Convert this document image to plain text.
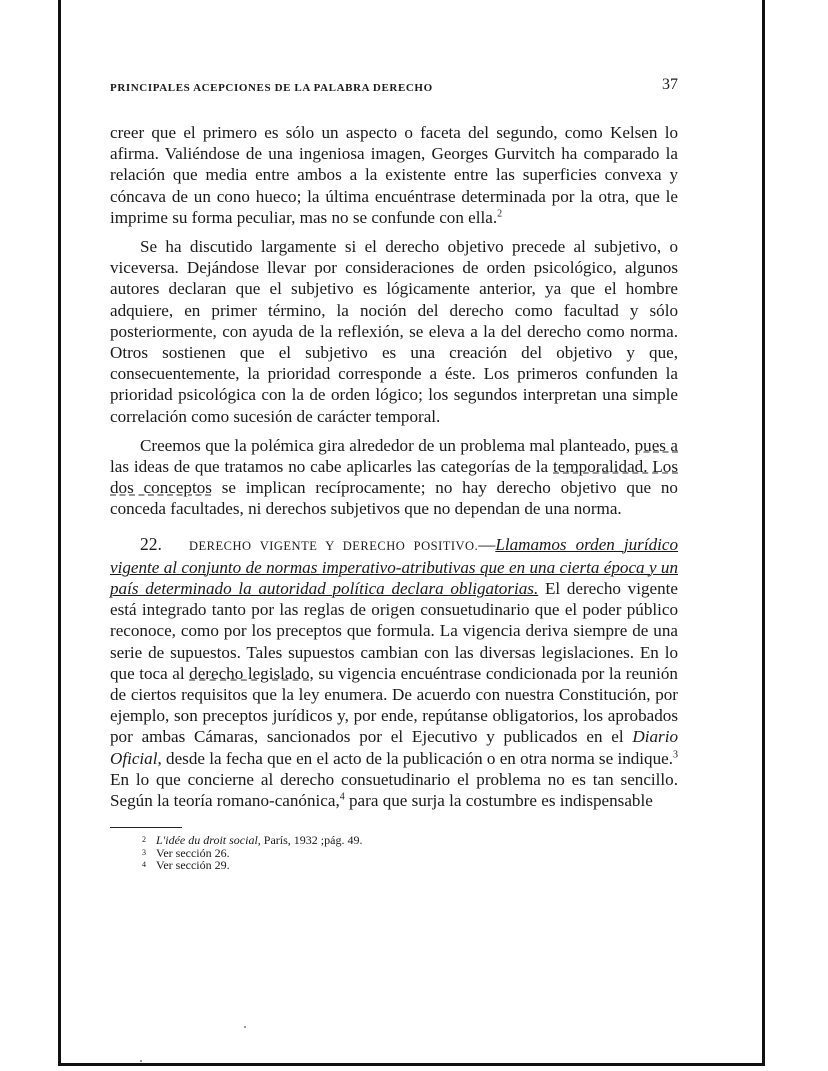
PRINCIPALES ACEPCIONES DE LA PALABRA DERECHO	37

creer que el primero es sólo un aspecto o faceta del segundo, como Kelsen lo afirma. Valiéndose de una ingeniosa imagen, Georges Gurvitch ha comparado la relación que media entre ambos a la existente entre las superficies convexa y cóncava de un cono hueco; la última encuéntrase determinada por la otra, que le imprime su forma peculiar, mas no se confunde con ella.$^2$

Se ha discutido largamente si el derecho objetivo precede al subjetivo, o viceversa. Dejándose llevar por consideraciones de orden psicológico, algunos autores declaran que el subjetivo es lógicamente anterior, ya que el hombre adquiere, en primer término, la noción del derecho como facultad y sólo posteriormente, con ayuda de la reflexión, se eleva a la del derecho como norma. Otros sostienen que el subjetivo es una creación del objetivo y que, consecuentemente, la prioridad corresponde a éste. Los primeros confunden la prioridad psicológica con la de orden lógico; los segundos interpretan una simple correlación como sucesión de carácter temporal.

Creemos que la polémica gira alrededor de un problema mal planteado, pues a las ideas de que tratamos no cabe aplicarles las categorías de la temporalidad. Los dos conceptos se implican recíprocamente; no hay derecho objetivo que no conceda facultades, ni derechos subjetivos que no dependan de una norma.

22. DERECHO VIGENTE Y DERECHO POSITIVO.—Llamamos orden jurídico vigente al conjunto de normas imperativo-atributivas que en una cierta época y un país determinado la autoridad política declara obligatorias. El derecho vigente está integrado tanto por las reglas de origen consuetudinario que el poder público reconoce, como por los preceptos que formula. La vigencia deriva siempre de una serie de supuestos. Tales supuestos cambian con las diversas legislaciones. En lo que toca al derecho legislado, su vigencia encuéntrase condicionada por la reunión de ciertos requisitos que la ley enumera. De acuerdo con nuestra Constitución, por ejemplo, son preceptos jurídicos y, por ende, repútanse obligatorios, los aprobados por ambas Cámaras, sancionados por el Ejecutivo y publicados en el Diario Oficial, desde la fecha que en el acto de la publicación o en otra norma se indique.$^3$ En lo que concierne al derecho consuetudinario el problema no es tan sencillo. Según la teoría romano-canónica,$^4$ para que surja la costumbre es indispensable

2 L'idée du droit social, París, 1932 ;pág. 49.
3 Ver sección 26.
4 Ver sección 29.
